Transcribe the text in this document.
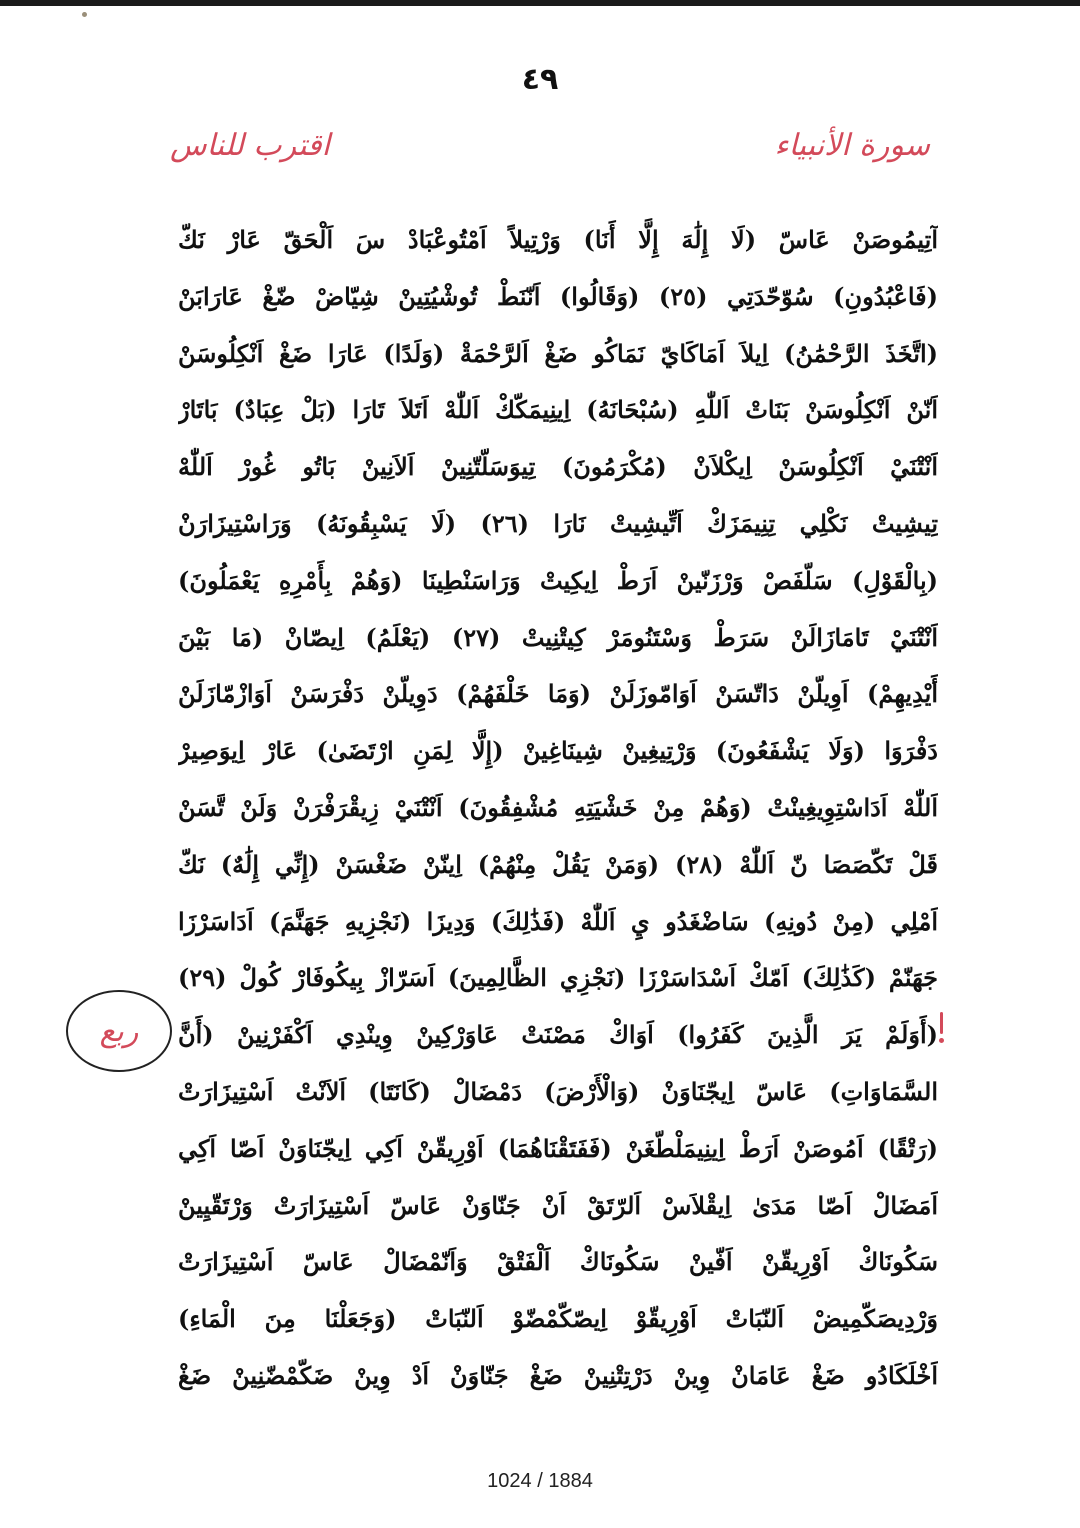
٤٩
سورة الأنبياء
اقترب للناس
آتِيمُوصَنْ عَاسّ (لَا إِلَٰهَ إِلَّا أَنَا) وَرْتِيلاً اَمْتُوعْبَادْ سَ اَلْحَقّ عَارْ نَكّ
(فَاعْبُدُونِ) سُوّحّدَتِي (٢٥) (وَقَالُوا) اَنّنَطْ تُوشْيُتِينْ شِيّاضْ ضّغْ عَارَابَنْ
(اتَّخَذَ الرَّحْمَٰنُ) اِيلاَ اَمَاكَايّ نَمَاكُو ضَغْ اَلرَّحْمَةْ (وَلَدًا) عَارَا ضَغْ اَنْكِلُوسَنْ
اَنّنْ اَنْكِلُوسَنْ بَنَاتْ اَللّٰهِ (سُبْحَانَهُ) اِينِيمَكّكْ اَللّٰهْ اَتَلاَ تَارَا (بَلْ عِبَادٌ) بَاتَارْ
اَنْتْنَيْ اَنْكِلُوسَنْ اِيكْلاَنْ (مُكْرَمُونَ) تِيوَسَلّتّنِينْ اَلاَنِينْ بَاتُو غُورْ اَللّٰهْ
تِيشِيتْ نَكْلِي تِنِيمَزَكْ اَتِّيشِيتْ نَارَا (٢٦) (لَا يَسْبِقُونَهُ) وَرَاسْتِيزَارَنْ
(بِالْقَوْلِ) سَلّفَصْ وَرْزَنّينْ اَرَطْ اِيكِيتْ وَرَاسَنْطِينَا (وَهُمْ بِأَمْرِهِ يَعْمَلُونَ)
اَنْتْنَيْ تَامَازَالَنْ سَرَطْ وَسْتَنُومَرْ كِيتْنِيتْ (٢٧) (يَعْلَمُ) اِيصّانْ (مَا بَيْنَ
أَيْدِيهِمْ) اَوِيلّنْ دَاتّسَنْ اَوَامّوزَلَنْ (وَمَا خَلْفَهُمْ) دَوِيلّنْ دَفْرَسَنْ اَوَازْمّازَلَنْ
دَفْرَوَا (وَلَا يَشْفَعُونَ) وَرْتِيغِينْ شِينَاغِينْ (إِلَّا لِمَنِ ارْتَضَىٰ) عَارْ اِيوَصِيرْ
اَللّٰهْ اَدَاسْتِوِيغِينْتْ (وَهُمْ مِنْ خَشْيَتِهِ مُشْفِقُونَ) اَنْتْنَيْ زِيقْرَفْرَنْ وَلَنْ تَّسَنْ
قَلْ تَكّصَصَا نّ اَللّٰهْ (٢٨) (وَمَنْ يَقُلْ مِنْهُمْ) اِينّنْ ضَغْسَنْ (إِنِّي إِلَٰهٌ) نَكّ
اَمْلِي (مِنْ دُونِهِ) سَاضْغَدُو يِ اَللّٰهْ (فَذَٰلِكَ) وَدِيزَا (نَجْزِيهِ جَهَنَّمَ) اَدَاسَرْزَا
جَهَنّمْ (كَذَٰلِكَ) اَمّكْ اَسْدَاسَرْزَا (نَجْزِي الظَّالِمِينَ) اَسَرّازْ بِيكُوفَارْ كُولْ (٢٩)
(أَوَلَمْ يَرَ الَّذِينَ كَفَرُوا) اَوَاكْ مَصْنَتْ عَاوَرْكِينْ وِينْدِي اَكْفَرْنِينْ (أَنَّ
السَّمَاوَاتِ) عَاسّ اِيجّنَاوَنْ (وَالْأَرْضَ) دَمْضَالْ (كَانَتَا) اَلاَنْتْ اَسْتِيزَارَتْ
(رَتْقًا) اَمُوصَنْ اَرَطْ اِينِيمَلْطّغَنْ (فَفَتَقْنَاهُمَا) اَوْرِيقّنْ اَكِي اِيجّنَاوَنْ اَصّا اَكِي
اَمَضَالْ اَصّا مَدَىٰ اِيقْلاَسْ اَلرّتَقْ اَنْ جَنّاوَنْ عَاسّ اَسْتِيزَارَتْ وَرْتَقّيِينْ
سَكُونَاكْ اَوْرِيقّنْ اَفّينْ سَكُونَاكْ اَلْفَتْقْ وَاَنّمْضَالْ عَاسّ اَسْتِيزَارَتْ
وَرْدِيصَكّمِيضْ اَلنّبَاتْ اَوْرِيقّوْ اِيصّكّمْضّوْ اَلنّبَاتْ (وَجَعَلْنَا مِنَ الْمَاءِ)
اَخْلَكَادُو ضَغْ عَامَانْ وِينْ دَرْتِتْنِينْ ضَغْ جَنّاوَنْ اَدْ وِينْ ضَكّمْضّنِينْ ضَغْ
ربع
1024 / 1884
